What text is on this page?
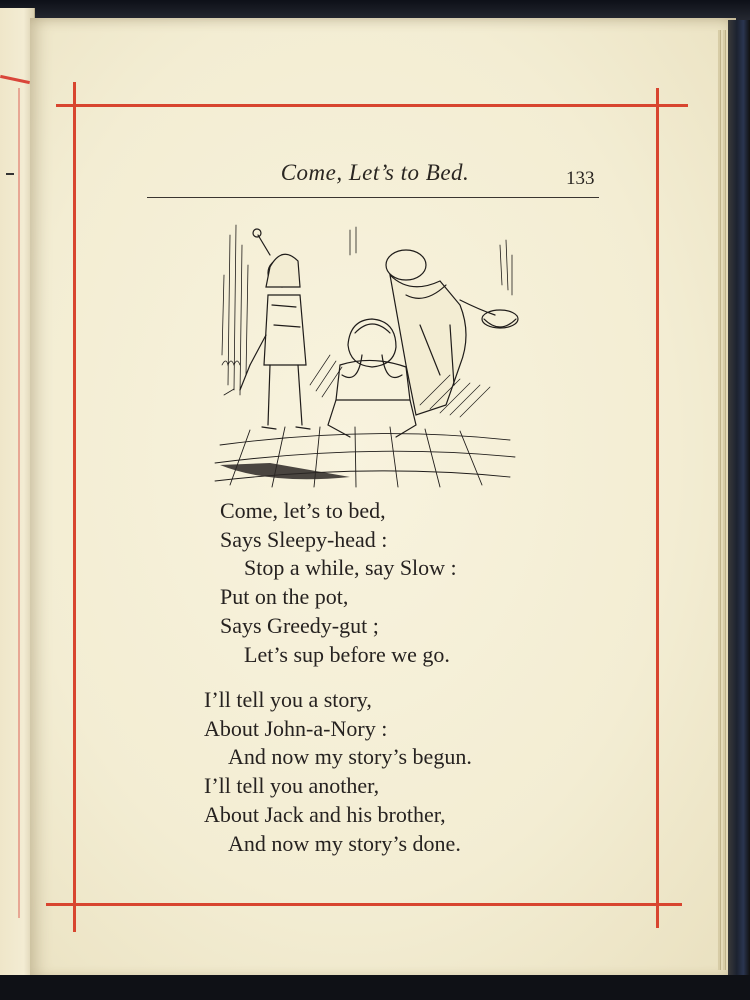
Come, Let’s to Bed.	133
Come, let’s to bed,
Says Sleepy-head :
Stop a while, say Slow :
Put on the pot,
Says Greedy-gut ;
Let’s sup before we go.
I’ll tell you a story,
About John-a-Nory :
And now my story’s begun.
I’ll tell you another,
About Jack and his brother,
And now my story’s done.
